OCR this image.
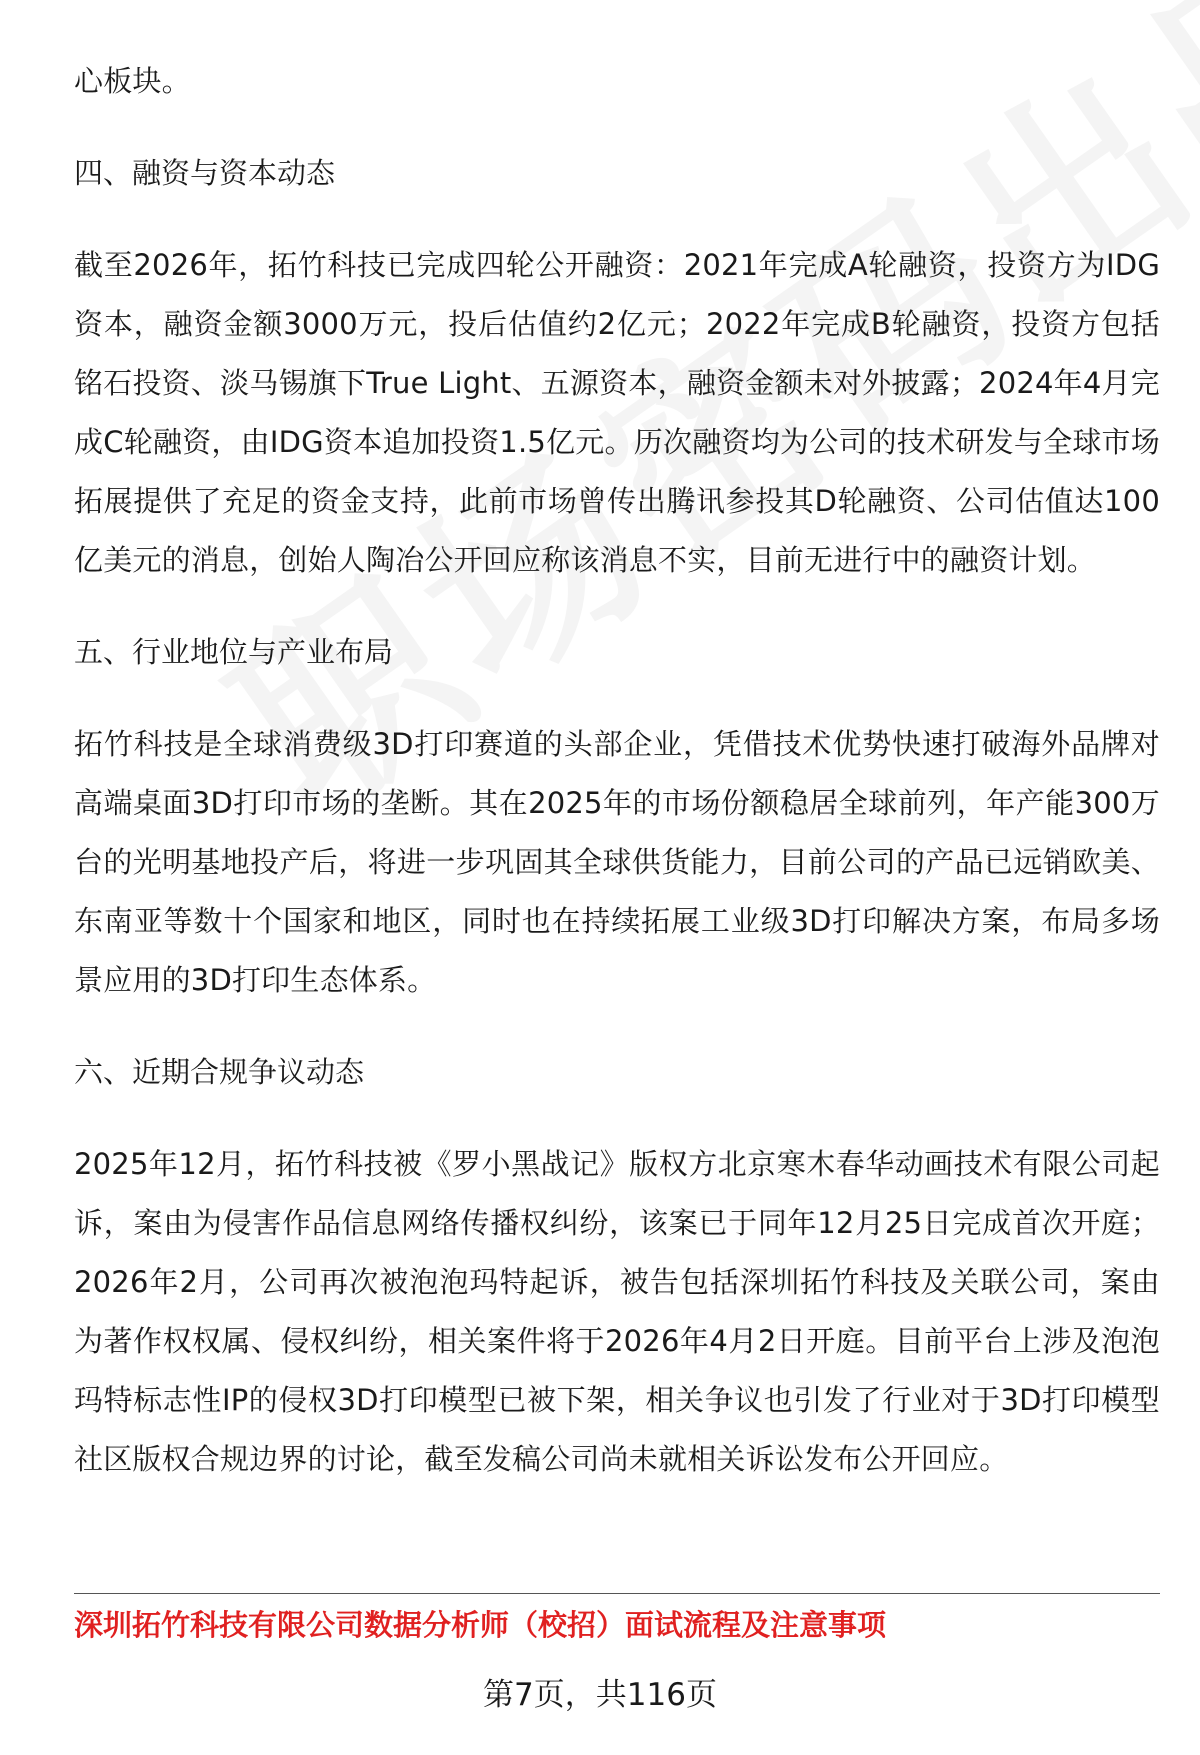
心板块。

四、融资与资本动态

截至2026年，拓竹科技已完成四轮公开融资：2021年完成A轮融资，投资方为IDG资本，融资金额3000万元，投后估值约2亿元；2022年完成B轮融资，投资方包括铭石投资、淡马锡旗下True Light、五源资本，融资金额未对外披露；2024年4月完成C轮融资，由IDG资本追加投资1.5亿元。历次融资均为公司的技术研发与全球市场拓展提供了充足的资金支持，此前市场曾传出腾讯参投其D轮融资、公司估值达100亿美元的消息，创始人陶冶公开回应称该消息不实，目前无进行中的融资计划。

五、行业地位与产业布局

拓竹科技是全球消费级3D打印赛道的头部企业，凭借技术优势快速打破海外品牌对高端桌面3D打印市场的垄断。其在2025年的市场份额稳居全球前列，年产能300万台的光明基地投产后，将进一步巩固其全球供货能力，目前公司的产品已远销欧美、东南亚等数十个国家和地区，同时也在持续拓展工业级3D打印解决方案，布局多场景应用的3D打印生态体系。

六、近期合规争议动态

2025年12月，拓竹科技被《罗小黑战记》版权方北京寒木春华动画技术有限公司起诉，案由为侵害作品信息网络传播权纠纷，该案已于同年12月25日完成首次开庭；2026年2月，公司再次被泡泡玛特起诉，被告包括深圳拓竹科技及关联公司，案由为著作权权属、侵权纠纷，相关案件将于2026年4月2日开庭。目前平台上涉及泡泡玛特标志性IP的侵权3D打印模型已被下架，相关争议也引发了行业对于3D打印模型社区版权合规边界的讨论，截至发稿公司尚未就相关诉讼发布公开回应。

深圳拓竹科技有限公司数据分析师（校招）面试流程及注意事项

第7页，共116页
